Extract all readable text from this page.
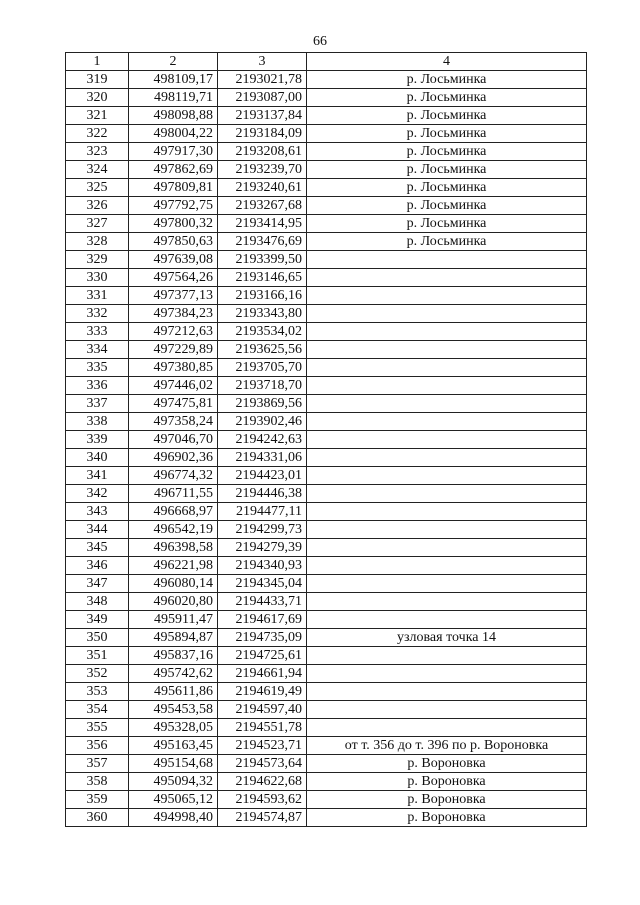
66
1	2	3	4
319	498109,17	2193021,78	р. Лосьминка
320	498119,71	2193087,00	р. Лосьминка
321	498098,88	2193137,84	р. Лосьминка
322	498004,22	2193184,09	р. Лосьминка
323	497917,30	2193208,61	р. Лосьминка
324	497862,69	2193239,70	р. Лосьминка
325	497809,81	2193240,61	р. Лосьминка
326	497792,75	2193267,68	р. Лосьминка
327	497800,32	2193414,95	р. Лосьминка
328	497850,63	2193476,69	р. Лосьминка
329	497639,08	2193399,50	
330	497564,26	2193146,65	
331	497377,13	2193166,16	
332	497384,23	2193343,80	
333	497212,63	2193534,02	
334	497229,89	2193625,56	
335	497380,85	2193705,70	
336	497446,02	2193718,70	
337	497475,81	2193869,56	
338	497358,24	2193902,46	
339	497046,70	2194242,63	
340	496902,36	2194331,06	
341	496774,32	2194423,01	
342	496711,55	2194446,38	
343	496668,97	2194477,11	
344	496542,19	2194299,73	
345	496398,58	2194279,39	
346	496221,98	2194340,93	
347	496080,14	2194345,04	
348	496020,80	2194433,71	
349	495911,47	2194617,69	
350	495894,87	2194735,09	узловая точка 14
351	495837,16	2194725,61	
352	495742,62	2194661,94	
353	495611,86	2194619,49	
354	495453,58	2194597,40	
355	495328,05	2194551,78	
356	495163,45	2194523,71	от т. 356 до т. 396 по р. Вороновка
357	495154,68	2194573,64	р. Вороновка
358	495094,32	2194622,68	р. Вороновка
359	495065,12	2194593,62	р. Вороновка
360	494998,40	2194574,87	р. Вороновка
